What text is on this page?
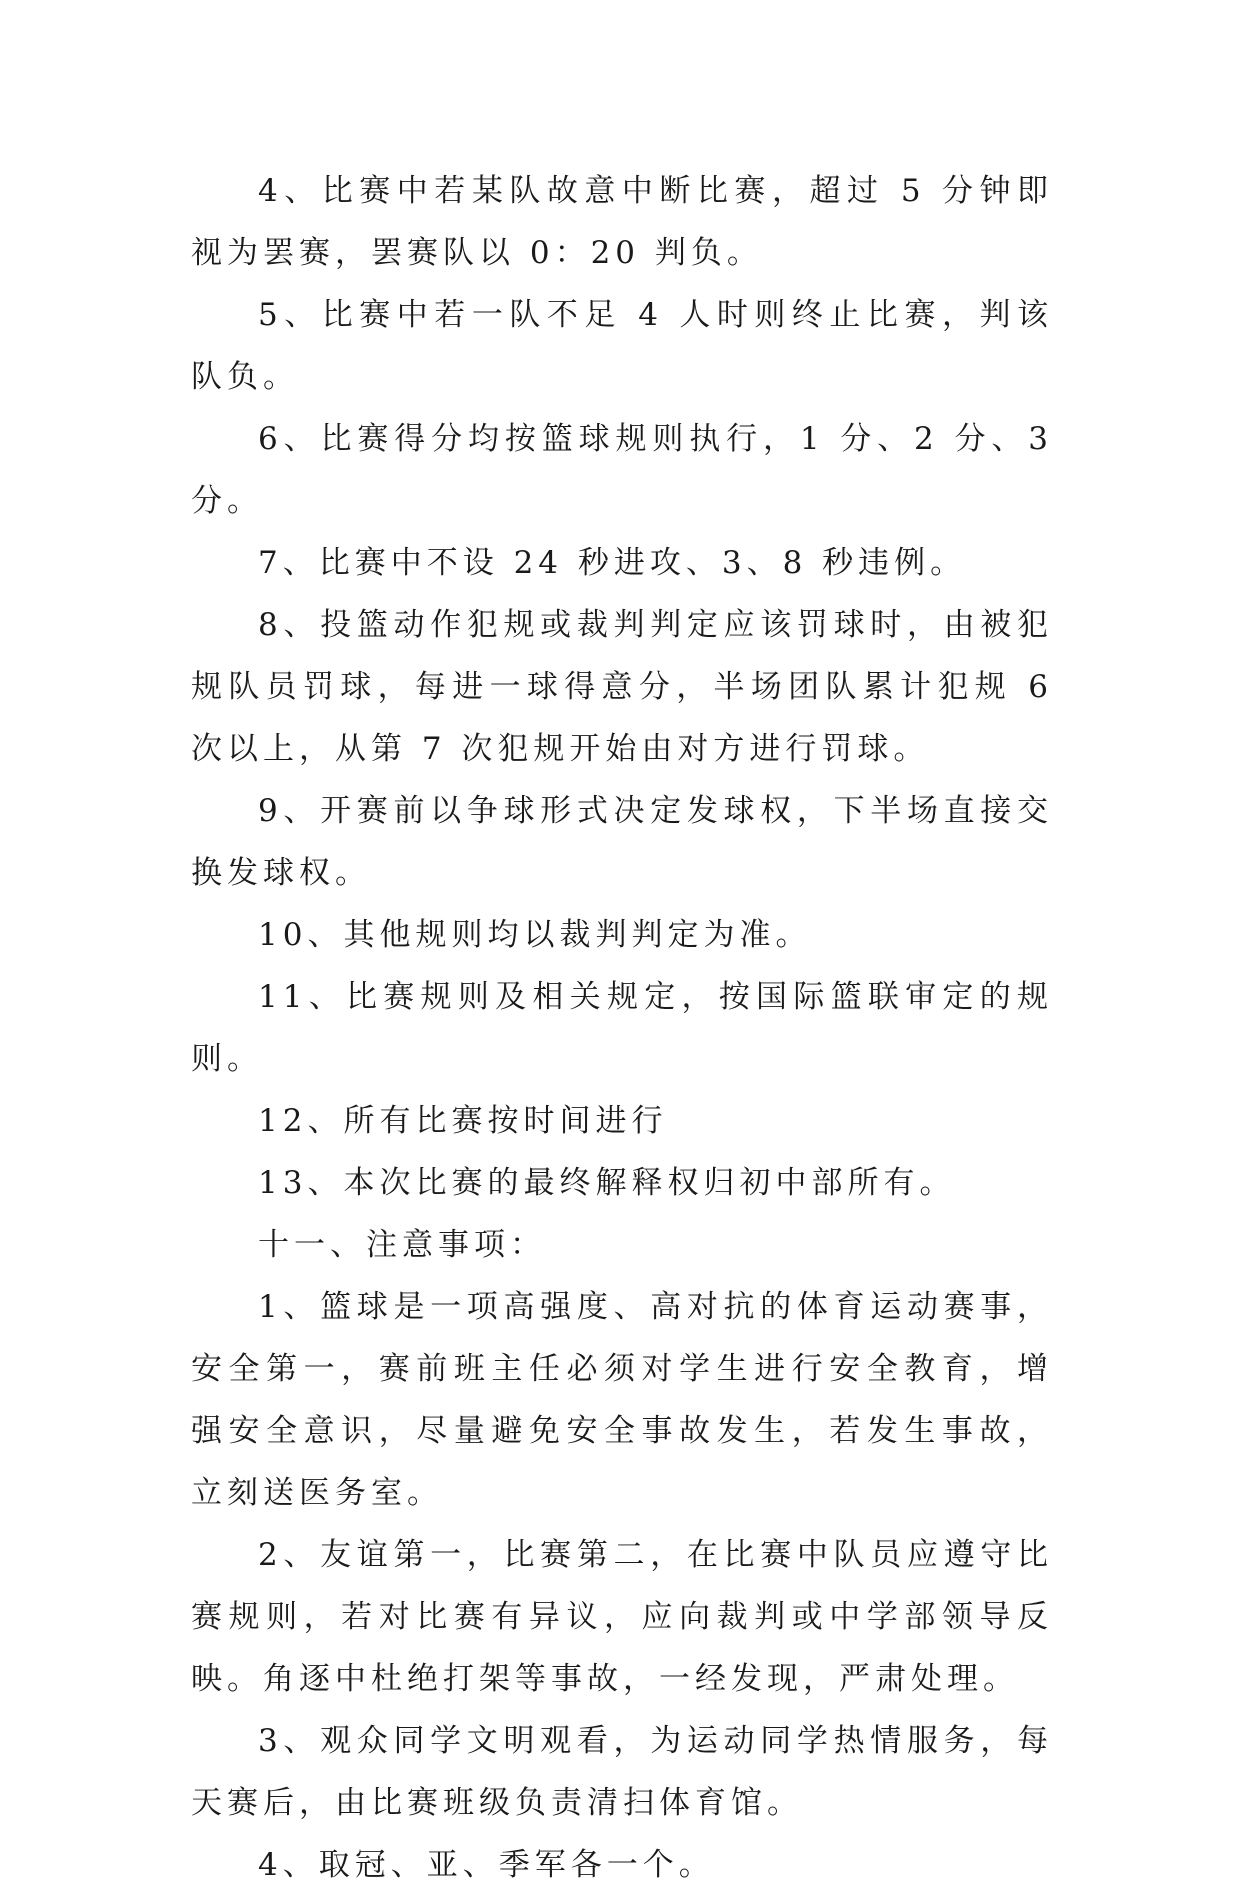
4、比赛中若某队故意中断比赛，超过 5 分钟即视为罢赛，罢赛队以 0：20 判负。

5、比赛中若一队不足 4 人时则终止比赛，判该队负。

6、比赛得分均按篮球规则执行，1 分、2 分、3 分。

7、比赛中不设 24 秒进攻、3、8 秒违例。

8、投篮动作犯规或裁判判定应该罚球时，由被犯规队员罚球，每进一球得意分，半场团队累计犯规 6 次以上，从第 7 次犯规开始由对方进行罚球。

9、开赛前以争球形式决定发球权，下半场直接交换发球权。

10、其他规则均以裁判判定为准。

11、比赛规则及相关规定，按国际篮联审定的规则。

12、所有比赛按时间进行

13、本次比赛的最终解释权归初中部所有。

十一、注意事项：

1、篮球是一项高强度、高对抗的体育运动赛事，安全第一，赛前班主任必须对学生进行安全教育，增强安全意识，尽量避免安全事故发生，若发生事故，立刻送医务室。

2、友谊第一，比赛第二，在比赛中队员应遵守比赛规则，若对比赛有异议，应向裁判或中学部领导反映。角逐中杜绝打架等事故，一经发现，严肃处理。

3、观众同学文明观看，为运动同学热情服务，每天赛后，由比赛班级负责清扫体育馆。

4、取冠、亚、季军各一个。
